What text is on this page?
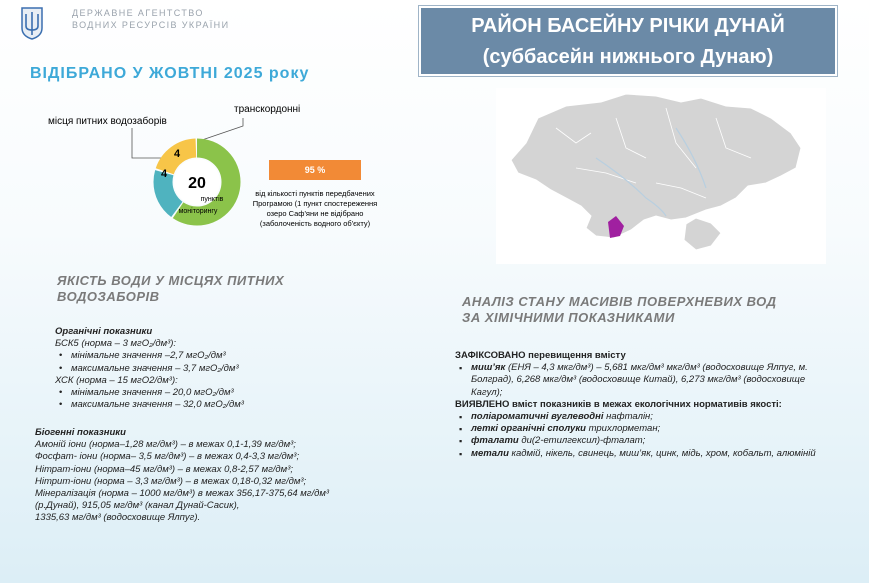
ДЕРЖАВНЕ АГЕНТСТВО
ВОДНИХ РЕСУРСІВ УКРАЇНИ	РАЙОН БАСЕЙНУ РІЧКИ ДУНАЙ
(суббасейн нижнього Дунаю)
ВІДІБРАНО У ЖОВТНІ 2025 року
20
пунктів
моніторингу
4
4
місця питних водозаборів
транскордонні
95 %
від кількості пунктів передбачених Програмою (1 пункт спостереження озеро Саф'яни не відібрано (заболоченість водного об'єкту)
ЯКІСТЬ ВОДИ У МІСЦЯХ ПИТНИХ
ВОДОЗАБОРІВ
Органічні показники
БСК5 (норма – 3 мгО₂/дм³):
• мінімальне значення –2,7 мгО₂/дм³
• максимальне значення – 3,7 мгО₂/дм³
ХСК (норма – 15 мгО2/дм³):
• мінімальне значення – 20,0 мгО₂/дм³
• максимальне значення – 32,0 мгО₂/дм³
Біогенні показники
Амоній іони (норма–1,28 мг/дм³) – в межах 0,1-1,39 мг/дм³;
Фосфат- іони (норма– 3,5 мг/дм³) – в межах 0,4-3,3 мг/дм³;
Нітрат-іони (норма–45 мг/дм³) – в межах 0,8-2,57 мг/дм³;
Нітрит-іони (норма – 3,3 мг/дм³) – в межах 0,18-0,32 мг/дм³;
Мінералізація (норма – 1000 мг/дм³) в межах 356,17-375,64 мг/дм³
(р.Дунай), 915,05 мг/дм³ (канал Дунай-Сасик),
1335,63 мг/дм³ (водосховище Ялпуг).
АНАЛІЗ СТАНУ МАСИВІВ ПОВЕРХНЕВИХ ВОД
ЗА ХІМІЧНИМИ ПОКАЗНИКАМИ
ЗАФІКСОВАНО перевищення вмісту
▪ миш’як (ЕНЯ – 4,3 мкг/дм³) – 5,681 мкг/дм³ мкг/дм³ (водосховище Ялпуг, м. Болград), 6,268 мкг/дм³ (водосховище Китай), 6,273 мкг/дм³ (водосховище Кагул);
ВИЯВЛЕНО вміст показників в межах екологічних нормативів якості:
▪ поліароматичні вуглеводні нафталін;
▪ леткі органічні сполуки трихлорметан;
▪ фталати ди(2-етилгексил)-фталат;
▪ метали кадмій, нікель, свинець, миш’як, цинк, мідь, хром, кобальт, алюміній
